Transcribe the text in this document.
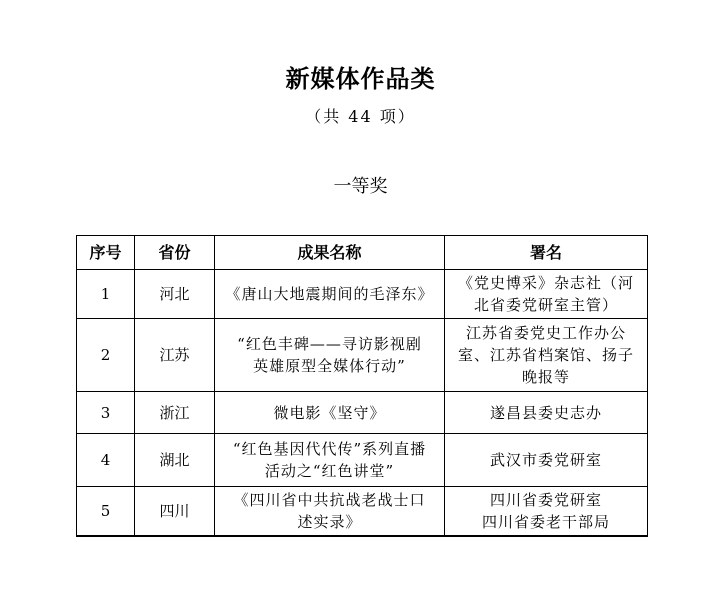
新媒体作品类
（共 44 项）
一等奖
序号	省份	成果名称	署名
1	河北	《唐山大地震期间的毛泽东》	《党史博采》杂志社（河
北省委党研室主管）

2	江苏	“红色丰碑——寻访影视剧
英雄原型全媒体行动”	江苏省委党史工作办公
室、江苏省档案馆、扬子
晚报等

3	浙江	微电影《坚守》	遂昌县委史志办

4	湖北	“红色基因代代传”系列直播
活动之“红色讲堂”	武汉市委党研室

5	四川	《四川省中共抗战老战士口
述实录》	四川省委党研室
四川省委老干部局
